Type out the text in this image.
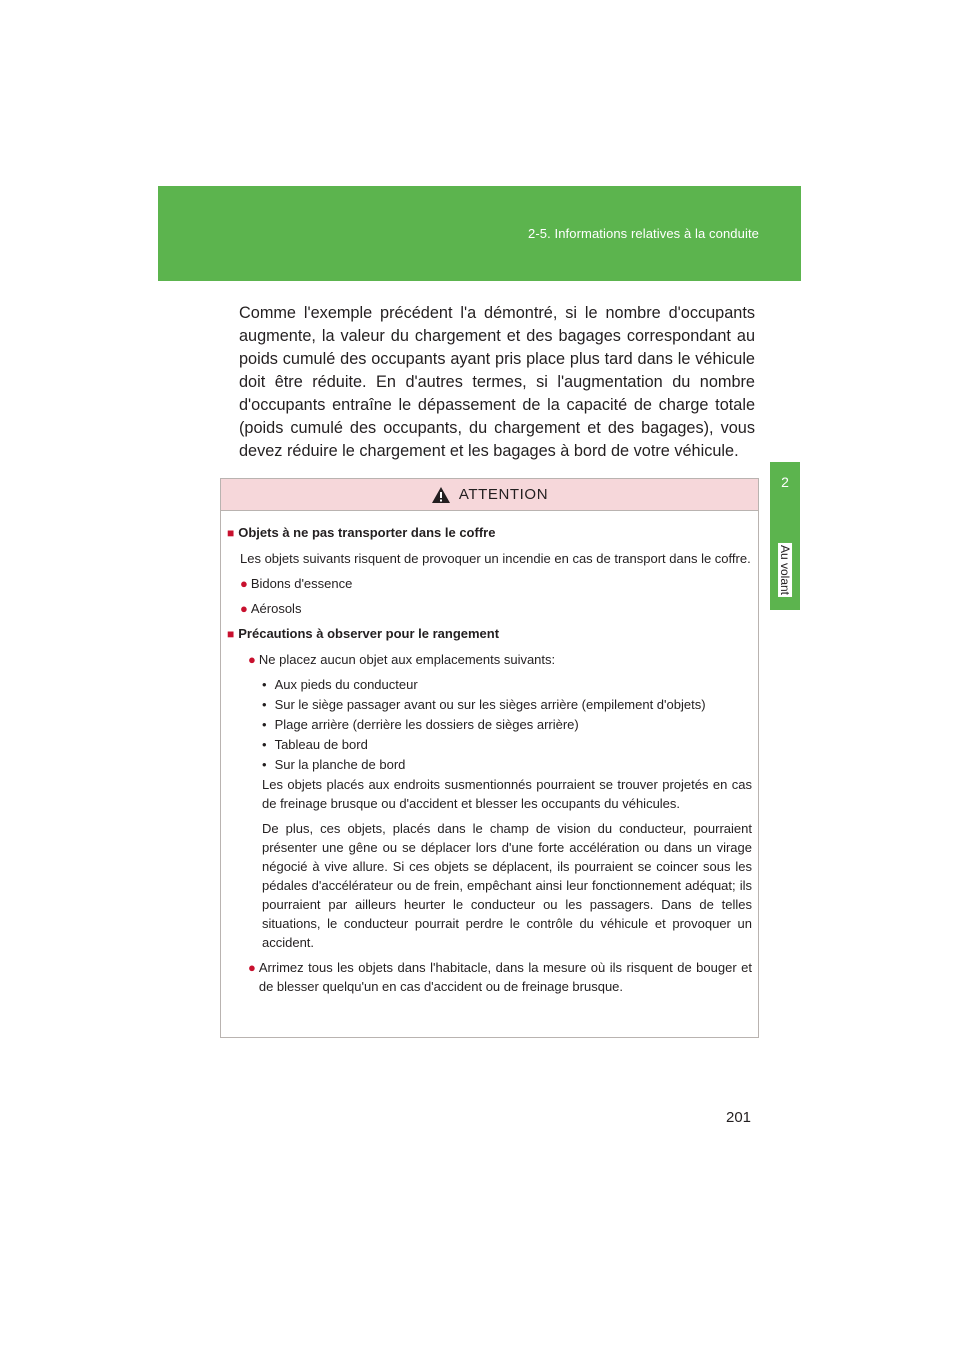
2-5. Informations relatives à la conduite
2
Au volant

Comme l'exemple précédent l'a démontré, si le nombre d'occupants augmente, la valeur du chargement et des bagages correspondant au poids cumulé des occupants ayant pris place plus tard dans le véhicule doit être réduite. En d'autres termes, si l'augmentation du nombre d'occupants entraîne le dépassement de la capacité de charge totale (poids cumulé des occupants, du chargement et des bagages), vous devez réduire le chargement et les bagages à bord de votre véhicule.

ATTENTION
■ Objets à ne pas transporter dans le coffre

Les objets suivants risquent de provoquer un incendie en cas de transport dans le coffre.

● Bidons d'essence
● Aérosols
■ Précautions à observer pour le rangement
● Ne placez aucun objet aux emplacements suivants:
• Aux pieds du conducteur
• Sur le siège passager avant ou sur les sièges arrière (empilement d'objets)
• Plage arrière (derrière les dossiers de sièges arrière)
• Tableau de bord
• Sur la planche de bord

Les objets placés aux endroits susmentionnés pourraient se trouver projetés en cas de freinage brusque ou d'accident et blesser les occupants du véhicules.

De plus, ces objets, placés dans le champ de vision du conducteur, pourraient présenter une gêne ou se déplacer lors d'une forte accélération ou dans un virage négocié à vive allure. Si ces objets se déplacent, ils pourraient se coincer sous les pédales d'accélérateur ou de frein, empêchant ainsi leur fonctionnement adéquat; ils pourraient par ailleurs heurter le conducteur ou les passagers. Dans de telles situations, le conducteur pourrait perdre le contrôle du véhicule et provoquer un accident.

● Arrimez tous les objets dans l'habitacle, dans la mesure où ils risquent de bouger et de blesser quelqu'un en cas d'accident ou de freinage brusque.

201
